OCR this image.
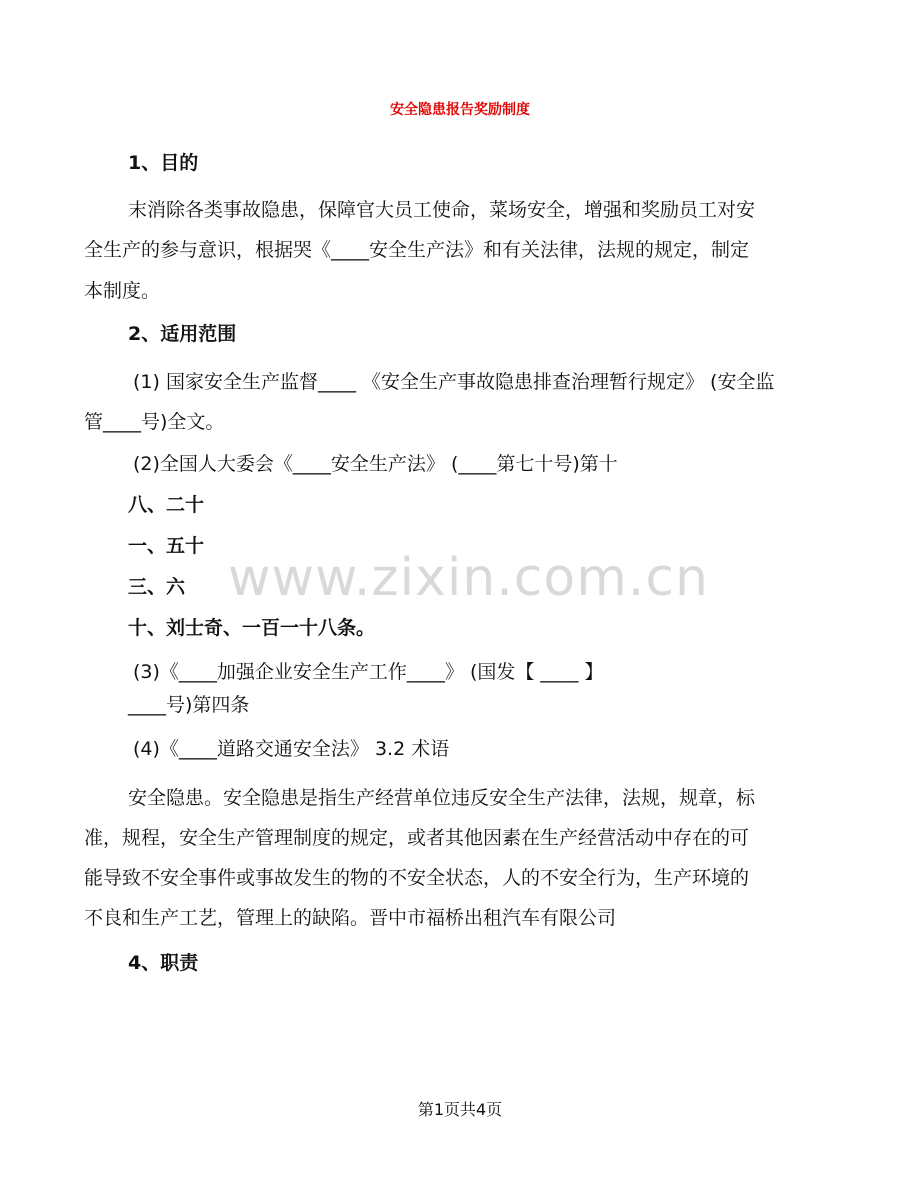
安全隐患报告奖励制度
1、目的
末消除各类事故隐患，保障官大员工使命，菜场安全，增强和奖励员工对安
全生产的参与意识，根据哭《____安全生产法》和有关法律，法规的规定，制定
本制度。
2、适用范围
(1) 国家安全生产监督____ 《安全生产事故隐患排查治理暂行规定》 (安全监
管____号)全文。
(2)全国人大委会《____安全生产法》 (____第七十号)第十
八、二十
一、五十
三、六
十、刘士奇、一百一十八条。
(3)《____加强企业安全生产工作____》 (国发【 ____ 】
____号)第四条
(4)《____道路交通安全法》 3.2 术语
安全隐患。安全隐患是指生产经营单位违反安全生产法律，法规，规章，标
准，规程，安全生产管理制度的规定，或者其他因素在生产经营活动中存在的可
能导致不安全事件或事故发生的物的不安全状态，人的不安全行为，生产环境的
不良和生产工艺，管理上的缺陷。晋中市福桥出租汽车有限公司
4、职责
www.zixin.com.cn
第1页共4页
